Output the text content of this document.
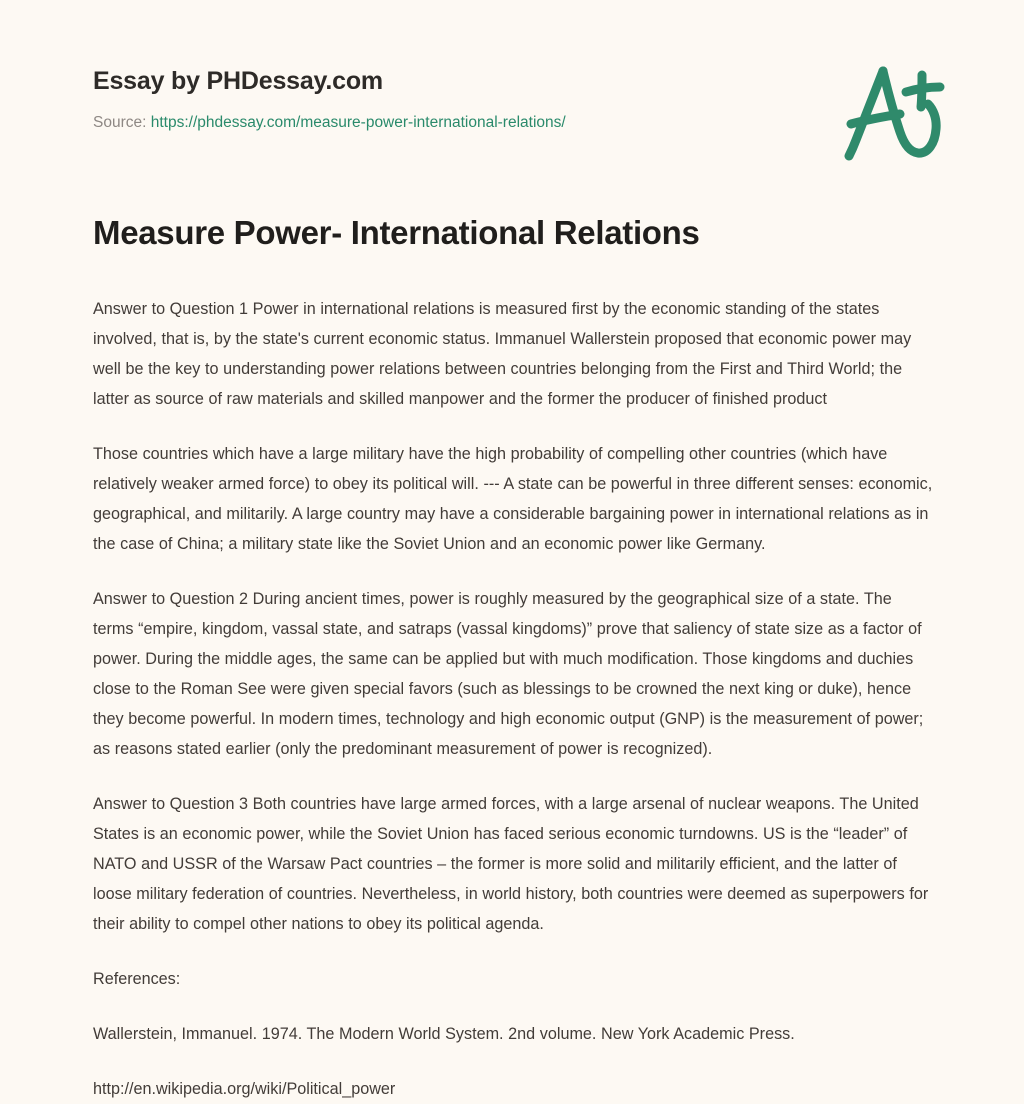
Essay by PHDessay.com
Source: https://phdessay.com/measure-power-international-relations/
Measure Power- International Relations

Answer to Question 1 Power in international relations is measured first by the economic standing of the states involved, that is, by the state's current economic status. Immanuel Wallerstein proposed that economic power may well be the key to understanding power relations between countries belonging from the First and Third World; the latter as source of raw materials and skilled manpower and the former the producer of finished product

Those countries which have a large military have the high probability of compelling other countries (which have relatively weaker armed force) to obey its political will. --- A state can be powerful in three different senses: economic, geographical, and militarily. A large country may have a considerable bargaining power in international relations as in the case of China; a military state like the Soviet Union and an economic power like Germany.

Answer to Question 2 During ancient times, power is roughly measured by the geographical size of a state. The terms “empire, kingdom, vassal state, and satraps (vassal kingdoms)” prove that saliency of state size as a factor of power. During the middle ages, the same can be applied but with much modification. Those kingdoms and duchies close to the Roman See were given special favors (such as blessings to be crowned the next king or duke), hence they become powerful. In modern times, technology and high economic output (GNP) is the measurement of power; as reasons stated earlier (only the predominant measurement of power is recognized).

Answer to Question 3 Both countries have large armed forces, with a large arsenal of nuclear weapons. The United States is an economic power, while the Soviet Union has faced serious economic turndowns. US is the “leader” of NATO and USSR of the Warsaw Pact countries – the former is more solid and militarily efficient, and the latter of loose military federation of countries. Nevertheless, in world history, both countries were deemed as superpowers for their ability to compel other nations to obey its political agenda.

References:

Wallerstein, Immanuel. 1974. The Modern World System. 2nd volume. New York Academic Press.

http://en.wikipedia.org/wiki/Political_power
